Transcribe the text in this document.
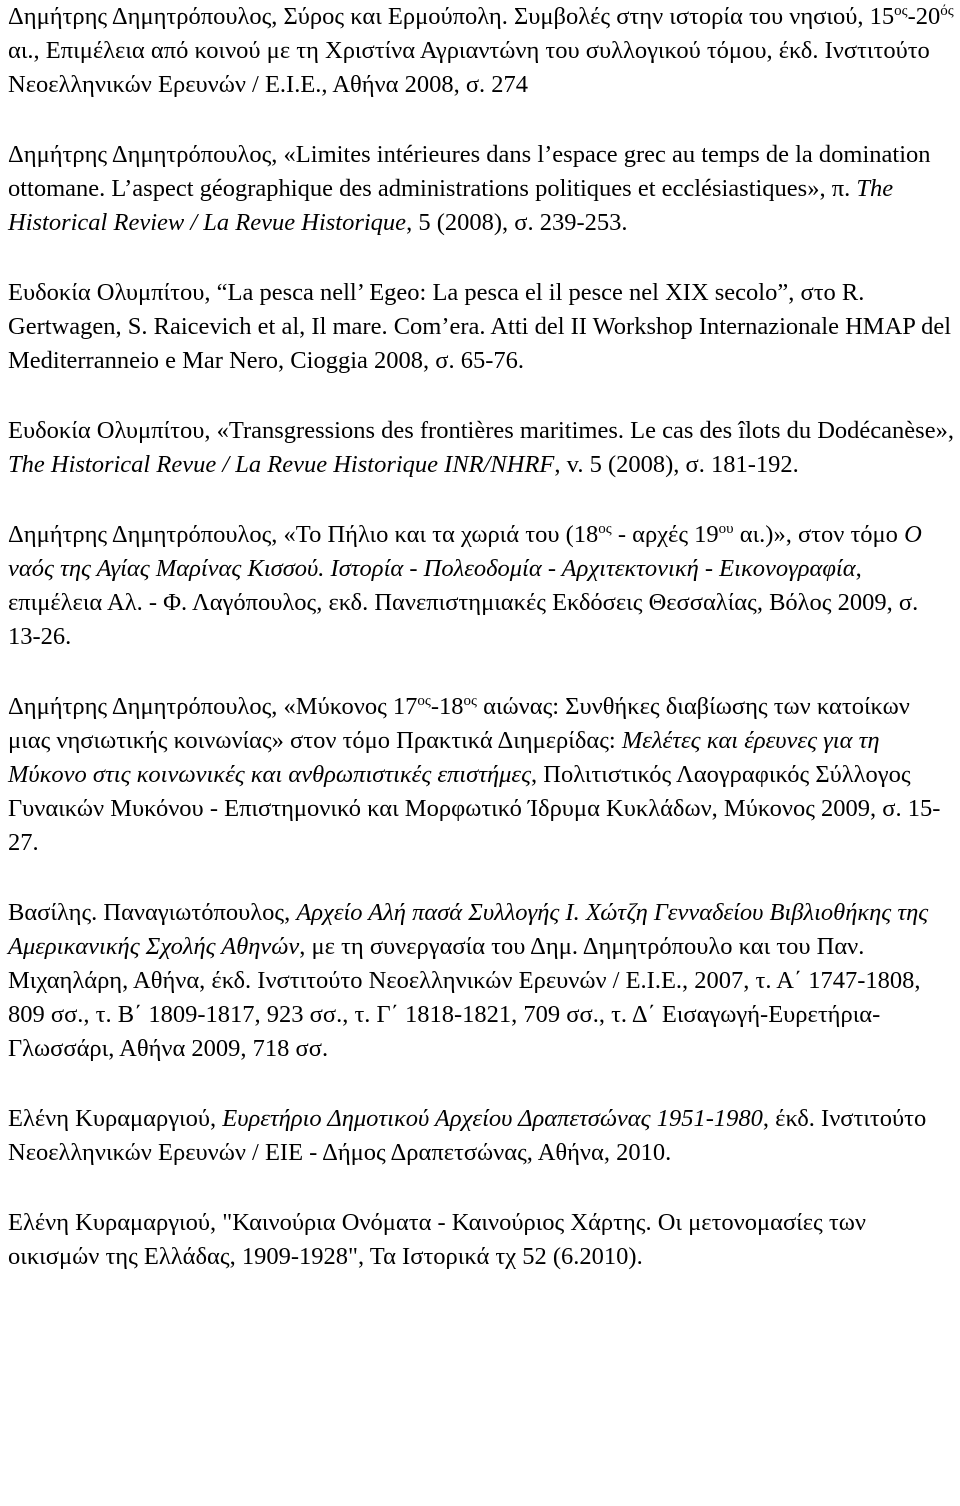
Δημήτρης Δημητρόπουλος, Σύρος και Ερμούπολη. Συμβολές στην ιστορία του νησιού, $15^{o\varsigma}-20^{ό\varsigma}$ αι., Επιμέλεια από κοινού με τη Χριστίνα Αγριαντώνη του συλλογικού τόμου, έκδ. Ινστιτούτο Νεοελληνικών Ερευνών / Ε.Ι.Ε., Αθήνα 2008, σ. 274

Δημήτρης Δημητρόπουλος, «Limites intérieures dans l’espace grec au temps de la domination ottomane. L’aspect géographique des administrations politiques et ecclésiastiques», π. The Historical Review / La Revue Historique, 5 (2008), σ. 239-253.

Ευδοκία Ολυμπίτου, “La pesca nell’ Egeo: La pesca el il pesce nel XIX secolo”, στο R. Gertwagen, S. Raicevich et al, Il mare. Com’era. Atti del II Workshop Internazionale HMAP del Mediterranneio e Mar Nero, Cioggia 2008, σ. 65-76.

Ευδοκία Ολυμπίτου, «Transgressions des frontières maritimes. Le cas des îlots du Dodécanèse», The Historical Revue / La Revue Historique INR/NHRF, v. 5 (2008), σ. 181-192.

Δημήτρης Δημητρόπουλος, «Το Πήλιο και τα χωριά του ($18^{o\varsigma}$ - αρχές $19^{o\upsilon}$ αι.)», στον τόμο Ο ναός της Αγίας Μαρίνας Κισσού. Ιστορία - Πολεοδομία - Αρχιτεκτονική - Εικονογραφία, επιμέλεια Αλ. - Φ. Λαγόπουλος, εκδ. Πανεπιστημιακές Εκδόσεις Θεσσαλίας, Βόλος 2009, σ. 13-26.

Δημήτρης Δημητρόπουλος, «Μύκονος $17^{o\varsigma}-18^{o\varsigma}$ αιώνας: Συνθήκες διαβίωσης των κατοίκων μιας νησιωτικής κοινωνίας» στον τόμο Πρακτικά Διημερίδας: Μελέτες και έρευνες για τη Μύκονο στις κοινωνικές και ανθρωπιστικές επιστήμες, Πολιτιστικός Λαογραφικός Σύλλογος Γυναικών Μυκόνου - Επιστημονικό και Μορφωτικό Ίδρυμα Κυκλάδων, Μύκονος 2009, σ. 15-27.

Βασίλης. Παναγιωτόπουλος, Αρχείο Αλή πασά Συλλογής Ι. Χώτζη Γενναδείου Βιβλιοθήκης της Αμερικανικής Σχολής Αθηνών, με τη συνεργασία του Δημ. Δημητρόπουλο και του Παν. Μιχαηλάρη, Αθήνα, έκδ. Ινστιτούτο Νεοελληνικών Ερευνών / Ε.Ι.Ε., 2007, τ. Α΄ 1747-1808, 809 σσ., τ. Β΄ 1809-1817, 923 σσ., τ. Γ΄ 1818-1821, 709 σσ., τ. Δ΄ Εισαγωγή-Ευρετήρια-Γλωσσάρι, Αθήνα 2009, 718 σσ.

Ελένη Κυραμαργιού, Ευρετήριο Δημοτικού Αρχείου Δραπετσώνας 1951-1980, έκδ. Ινστιτούτο Νεοελληνικών Ερευνών / ΕΙΕ - Δήμος Δραπετσώνας, Αθήνα, 2010.

Ελένη Κυραμαργιού, "Καινούρια Ονόματα - Καινούριος Χάρτης. Οι μετονομασίες των οικισμών της Ελλάδας, 1909-1928", Τα Ιστορικά τχ 52 (6.2010).
